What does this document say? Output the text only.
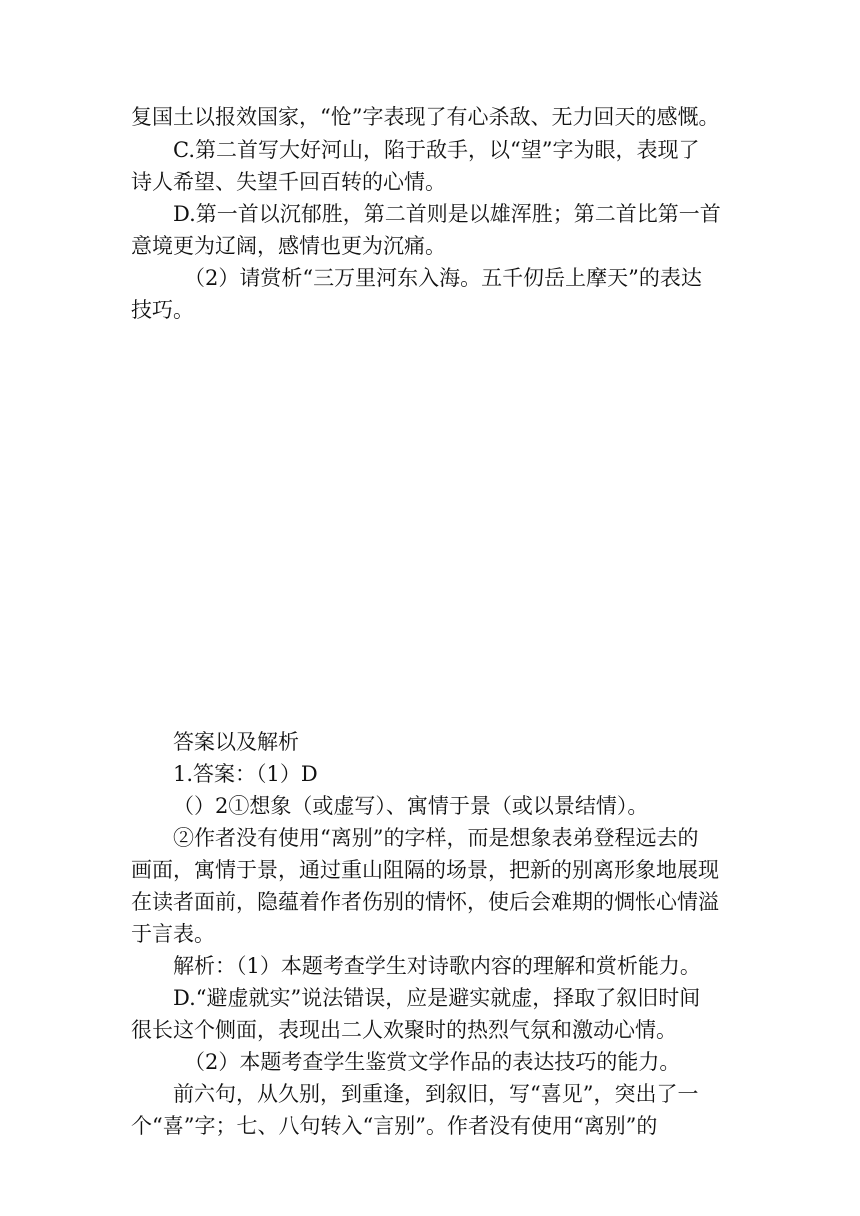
复国土以报效国家，“怆”字表现了有心杀敌、无力回天的感慨。
C.第二首写大好河山，陷于敌手，以“望”字为眼，表现了
诗人希望、失望千回百转的心情。
D.第一首以沉郁胜，第二首则是以雄浑胜；第二首比第一首
意境更为辽阔，感情也更为沉痛。
（2）请赏析“三万里河东入海。五千仞岳上摩天”的表达
技巧。
答案以及解析
1.答案：（1）D
（）2①想象（或虚写）、寓情于景（或以景结情）。
②作者没有使用“离别”的字样，而是想象表弟登程远去的
画面，寓情于景，通过重山阻隔的场景，把新的别离形象地展现
在读者面前，隐蕴着作者伤别的情怀，使后会难期的惆怅心情溢
于言表。
解析：（1）本题考查学生对诗歌内容的理解和赏析能力。
D.“避虚就实”说法错误，应是避实就虚，择取了叙旧时间
很长这个侧面，表现出二人欢聚时的热烈气氛和激动心情。
（2）本题考查学生鉴赏文学作品的表达技巧的能力。
前六句，从久别，到重逢，到叙旧，写“喜见”，突出了一
个“喜”字；七、八句转入“言别”。作者没有使用“离别”的
